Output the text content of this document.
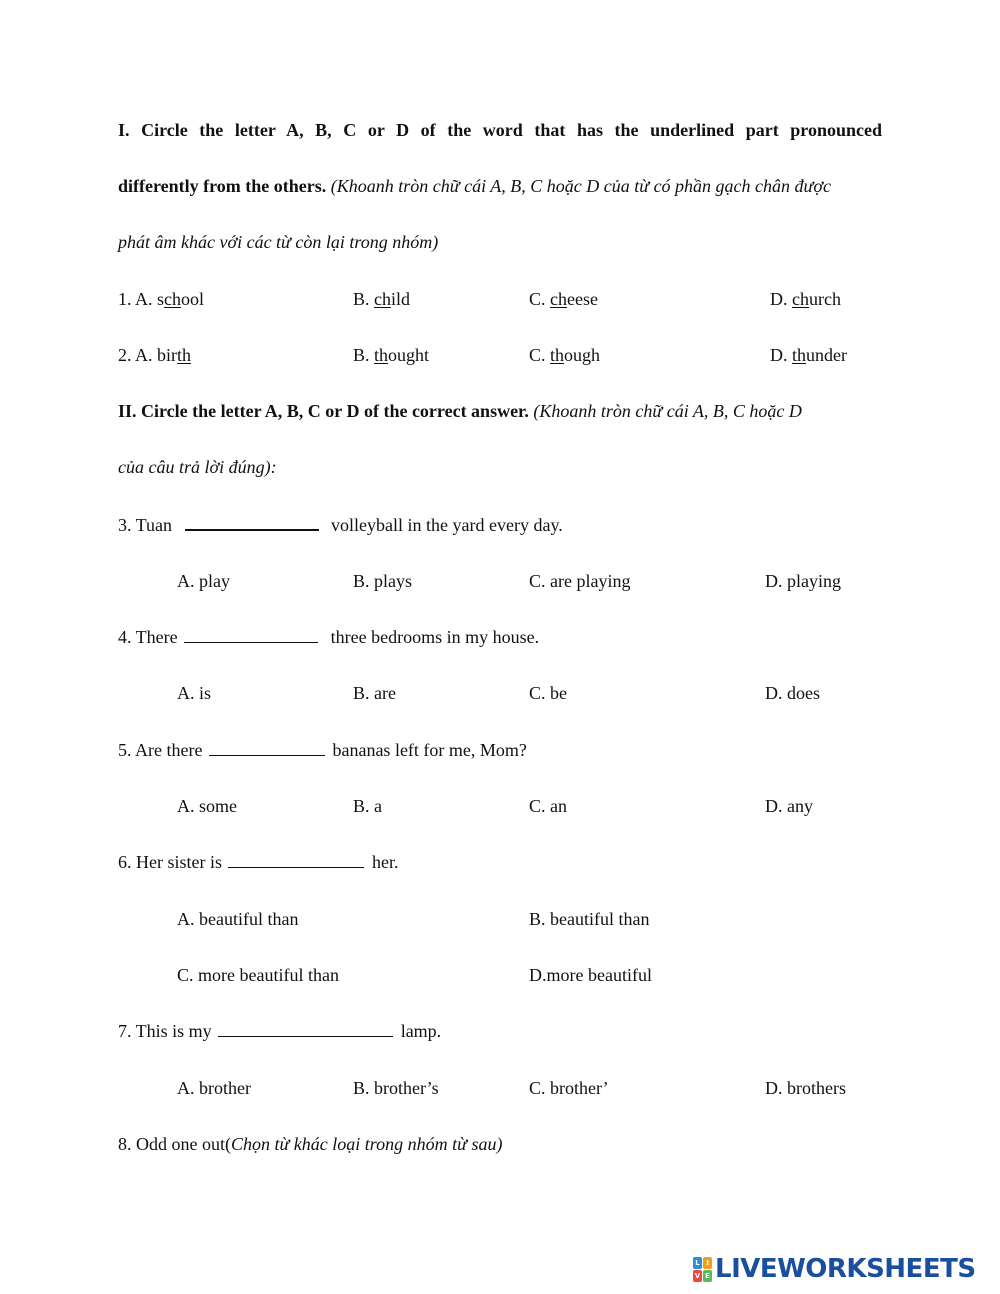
I. Circle the letter A, B, C or D of the word that has the underlined part pronounced
differently from the others. (Khoanh tròn chữ cái A, B, C hoặc D của từ có phần gạch chân được
phát âm khác với các từ còn lại trong nhóm)
1. A. school	B. child	C. cheese	D. church
2. A. birth	B. thought	C. though	D. thunder
II. Circle the letter A, B, C or D of the correct answer. (Khoanh tròn chữ cái A, B, C hoặc D
của câu trả lời đúng):
3. Tuan	volleyball in the yard every day.
A. play	B. plays	C. are playing	D. playing
4. There	three bedrooms in my house.
A. is	B. are	C. be	D. does
5. Are there	bananas left for me, Mom?
A. some	B. a	C. an	D. any
6. Her sister is	her.
A. beautiful than	B. beautiful than
C. more beautiful than	D.more beautiful
7. This is my	lamp.
A. brother	B. brother’s	C. brother’	D. brothers
8. Odd one out(Chọn từ khác loại trong nhóm từ sau)
L I
V E LIVEWORKSHEETS
